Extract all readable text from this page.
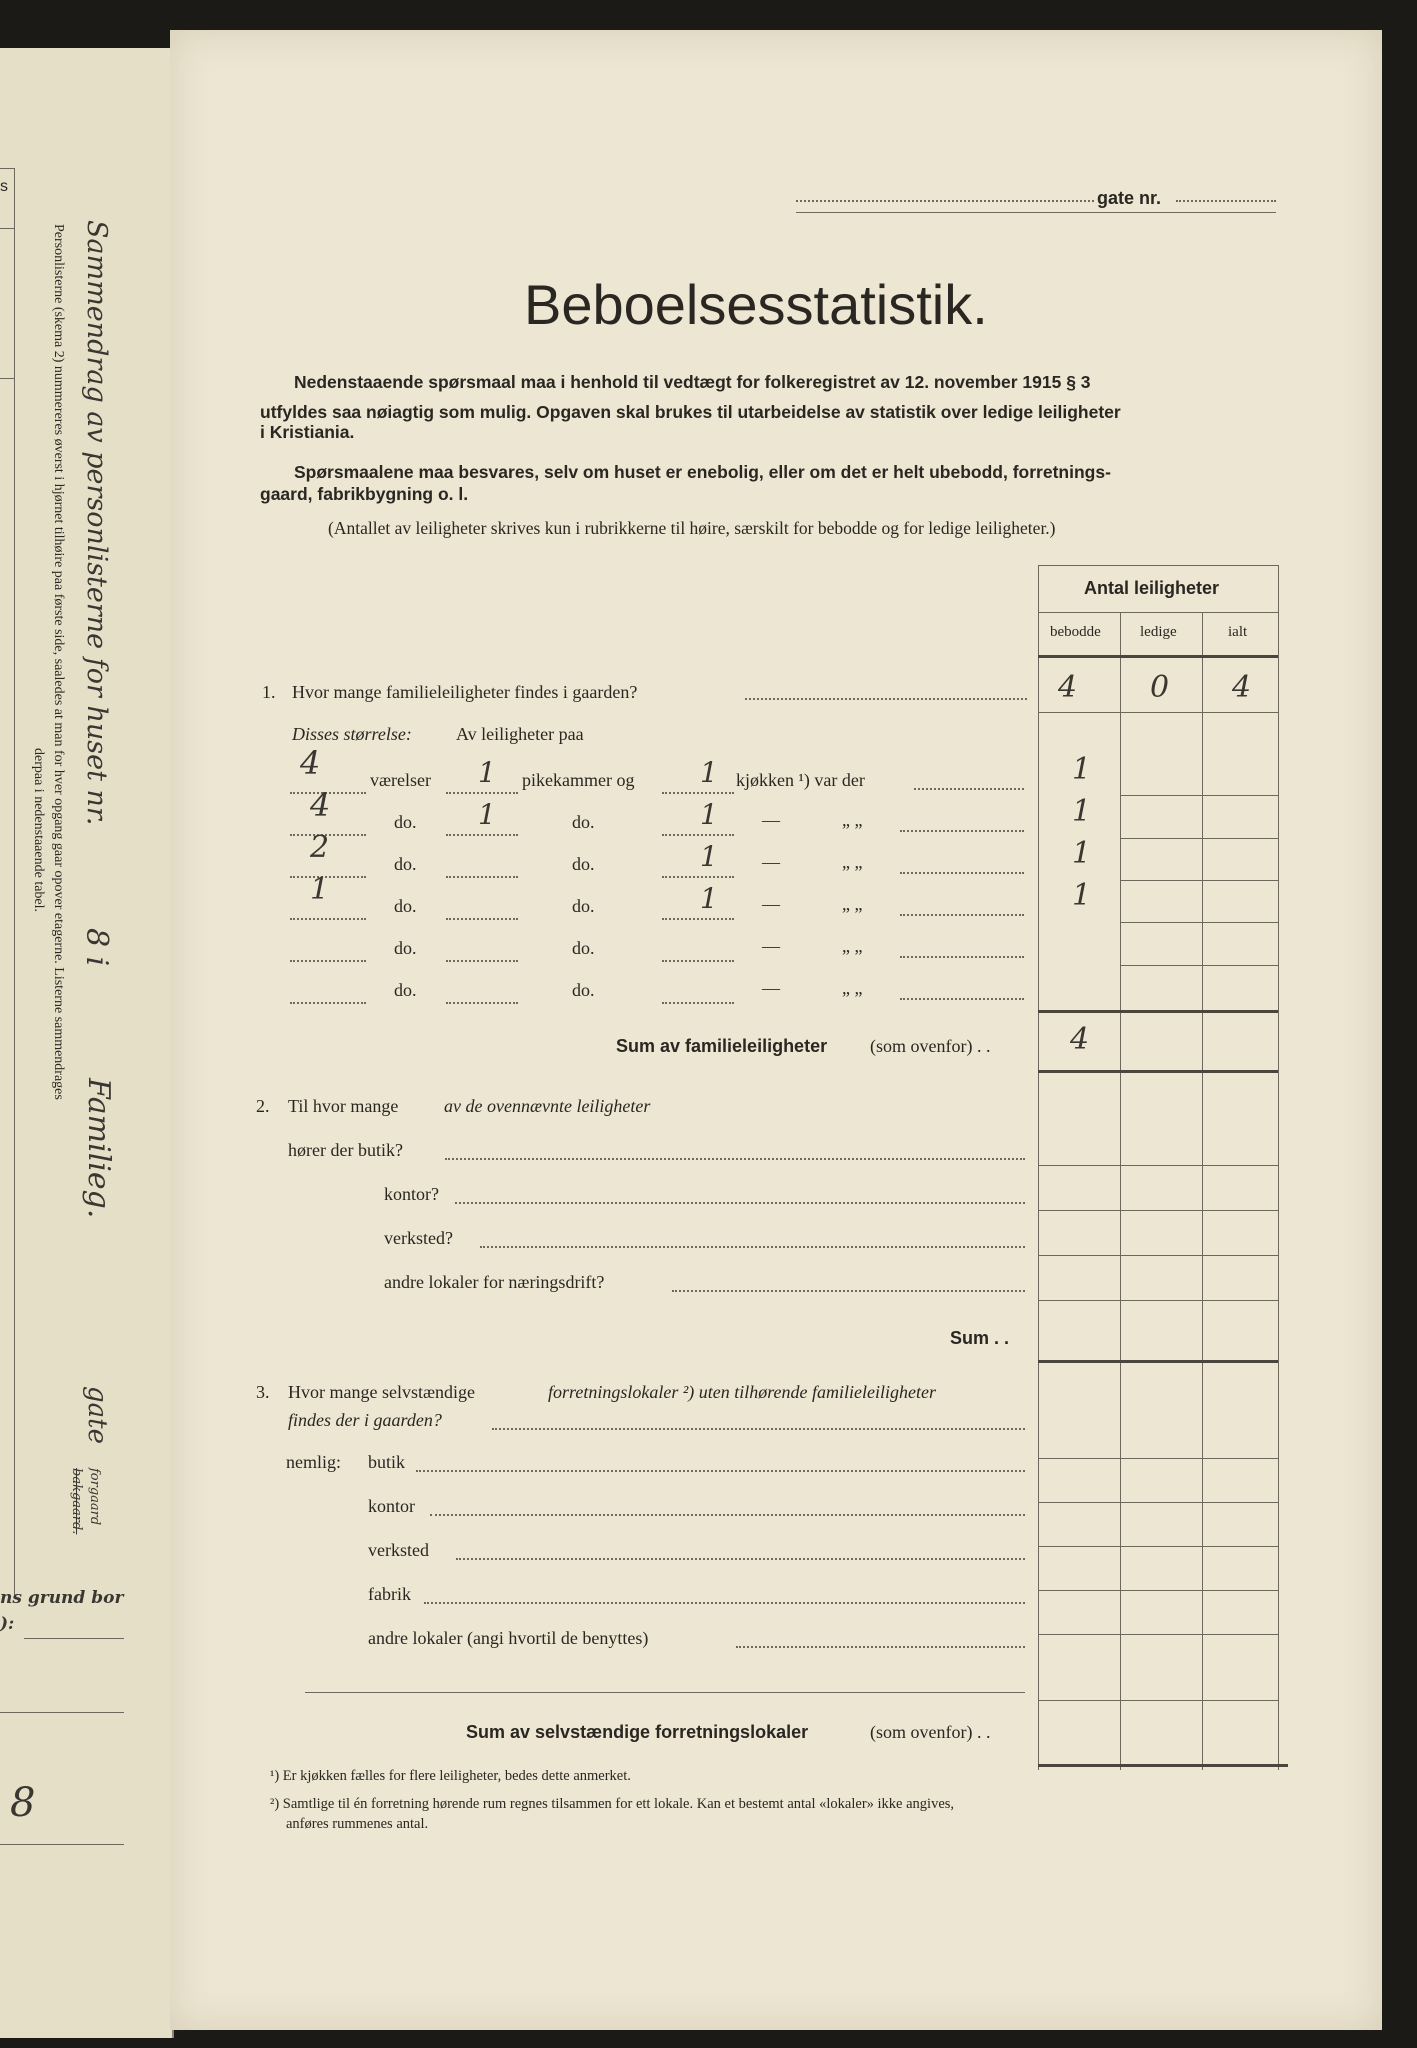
s
Sammendrag av personlisterne for huset nr.
Personlisterne (skema 2) nummereres øverst i hjørnet tilhøire paa første side, saaledes at man for hver opgang gaar opover etagerne. Listerne sammendrages
derpaa i nedenstaaende tabel.
8 i
Familieg.
gate
forgaard
bakgaard.
ns grund bor
):
8
gate nr.
Beboelsesstatistik.
Nedenstaaende spørsmaal maa i henhold til vedtægt for folkeregistret av 12. november 1915 § 3
utfyldes saa nøiagtig som mulig. Opgaven skal brukes til utarbeidelse av statistik over ledige leiligheter
i Kristiania.
Spørsmaalene maa besvares, selv om huset er enebolig, eller om det er helt ubebodd, forretnings-
gaard, fabrikbygning o. l.
(Antallet av leiligheter skrives kun i rubrikkerne til høire, særskilt for bebodde og for ledige leiligheter.)
Antal leiligheter
bebodde	ledige	ialt
1. Hvor mange familieleiligheter findes i gaarden?	4 0 4
Disses størrelse: Av leiligheter paa
4	værelser 1 pikekammer og 1 kjøkken ¹) var der	1
4	do. 1	do.	1 —	„ „	1
2	do.	do.	1 —	„ „	1
1	do.	do.	1 —	„ „	1
do.	do.	—	„ „
do.	do.	—	„ „
Sum av familieleiligheter (som ovenfor) . .	4
2. Til hvor mange	av de ovennævnte leiligheter
hører der butik?
kontor?
verksted?
andre lokaler for næringsdrift?
Sum . .
3. Hvor mange selvstændige	forretningslokaler ²) uten tilhørende familieleiligheter
findes der i gaarden?
nemlig: butik
kontor
verksted
fabrik
andre lokaler (angi hvortil de benyttes)
Sum av selvstændige forretningslokaler	(som ovenfor) . .
¹) Er kjøkken fælles for flere leiligheter, bedes dette anmerket.
²) Samtlige til én forretning hørende rum regnes tilsammen for ett lokale. Kan et bestemt antal «lokaler» ikke angives,
anføres rummenes antal.
